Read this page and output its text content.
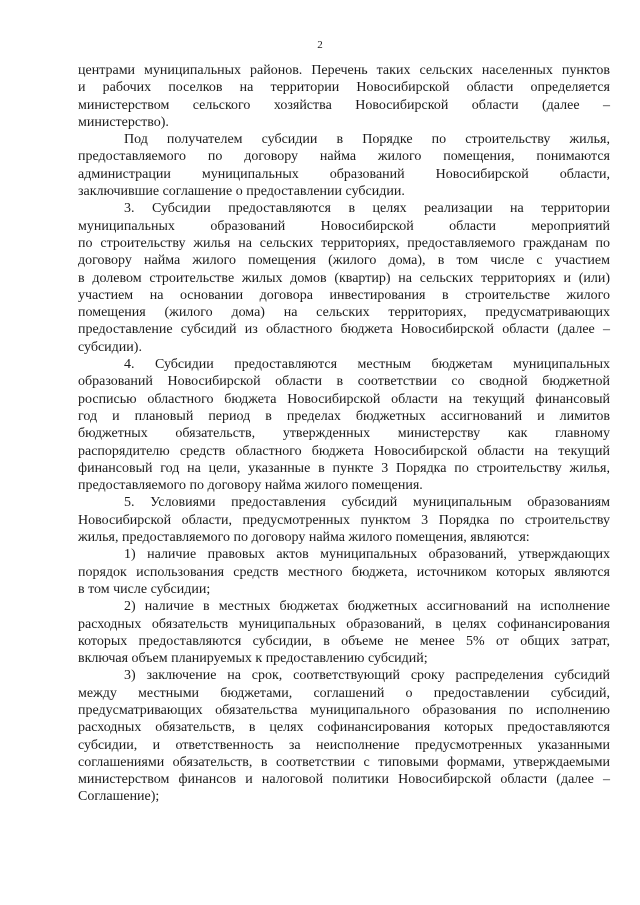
2
центрами муниципальных районов. Перечень таких сельских населенных пунктов
и рабочих поселков на территории Новосибирской области определяется
министерством сельского хозяйства Новосибирской области (далее –
министерство).
Под получателем субсидии в Порядке по строительству жилья,
предоставляемого по договору найма жилого помещения, понимаются
администрации муниципальных образований Новосибирской области,
заключившие соглашение о предоставлении субсидии.
3. Субсидии предоставляются в целях реализации на территории
муниципальных образований Новосибирской области мероприятий
по строительству жилья на сельских территориях, предоставляемого гражданам по
договору найма жилого помещения (жилого дома), в том числе с участием
в долевом строительстве жилых домов (квартир) на сельских территориях и (или)
участием на основании договора инвестирования в строительстве жилого
помещения (жилого дома) на сельских территориях, предусматривающих
предоставление субсидий из областного бюджета Новосибирской области (далее –
субсидии).
4. Субсидии предоставляются местным бюджетам муниципальных
образований Новосибирской области в соответствии со сводной бюджетной
росписью областного бюджета Новосибирской области на текущий финансовый
год и плановый период в пределах бюджетных ассигнований и лимитов
бюджетных обязательств, утвержденных министерству как главному
распорядителю средств областного бюджета Новосибирской области на текущий
финансовый год на цели, указанные в пункте 3 Порядка по строительству жилья,
предоставляемого по договору найма жилого помещения.
5. Условиями предоставления субсидий муниципальным образованиям
Новосибирской области, предусмотренных пунктом 3 Порядка по строительству
жилья, предоставляемого по договору найма жилого помещения, являются:
1) наличие правовых актов муниципальных образований, утверждающих
порядок использования средств местного бюджета, источником которых являются
в том числе субсидии;
2) наличие в местных бюджетах бюджетных ассигнований на исполнение
расходных обязательств муниципальных образований, в целях софинансирования
которых предоставляются субсидии, в объеме не менее 5% от общих затрат,
включая объем планируемых к предоставлению субсидий;
3) заключение на срок, соответствующий сроку распределения субсидий
между местными бюджетами, соглашений о предоставлении субсидий,
предусматривающих обязательства муниципального образования по исполнению
расходных обязательств, в целях софинансирования которых предоставляются
субсидии, и ответственность за неисполнение предусмотренных указанными
соглашениями обязательств, в соответствии с типовыми формами, утверждаемыми
министерством финансов и налоговой политики Новосибирской области (далее –
Соглашение);
